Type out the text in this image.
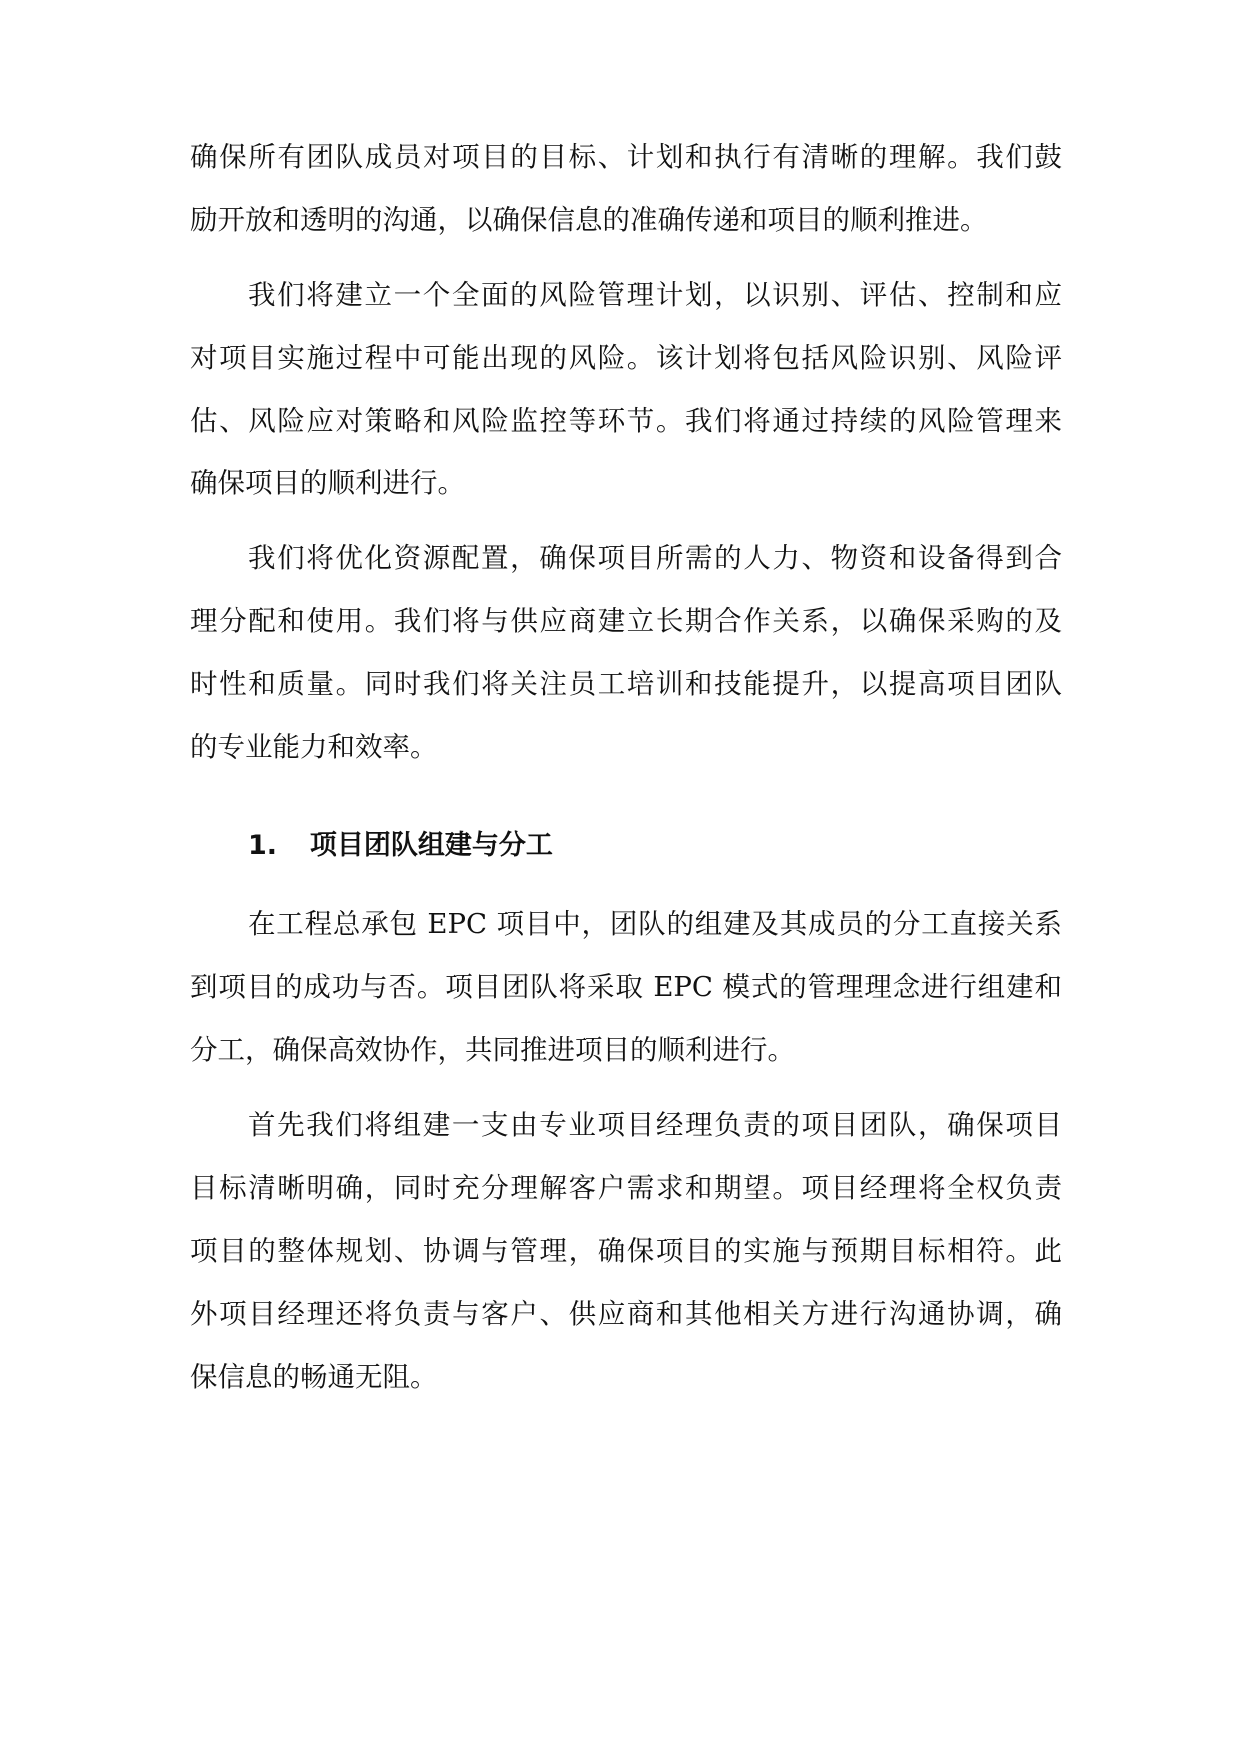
确保所有团队成员对项目的目标、计划和执行有清晰的理解。我们鼓
励开放和透明的沟通，以确保信息的准确传递和项目的顺利推进。
我们将建立一个全面的风险管理计划，以识别、评估、控制和应
对项目实施过程中可能出现的风险。该计划将包括风险识别、风险评
估、风险应对策略和风险监控等环节。我们将通过持续的风险管理来
确保项目的顺利进行。
我们将优化资源配置，确保项目所需的人力、物资和设备得到合
理分配和使用。我们将与供应商建立长期合作关系，以确保采购的及
时性和质量。同时我们将关注员工培训和技能提升，以提高项目团队
的专业能力和效率。
1. 项目团队组建与分工
在工程总承包 EPC 项目中，团队的组建及其成员的分工直接关系
到项目的成功与否。项目团队将采取 EPC 模式的管理理念进行组建和
分工，确保高效协作，共同推进项目的顺利进行。
首先我们将组建一支由专业项目经理负责的项目团队，确保项目
目标清晰明确，同时充分理解客户需求和期望。项目经理将全权负责
项目的整体规划、协调与管理，确保项目的实施与预期目标相符。此
外项目经理还将负责与客户、供应商和其他相关方进行沟通协调，确
保信息的畅通无阻。
